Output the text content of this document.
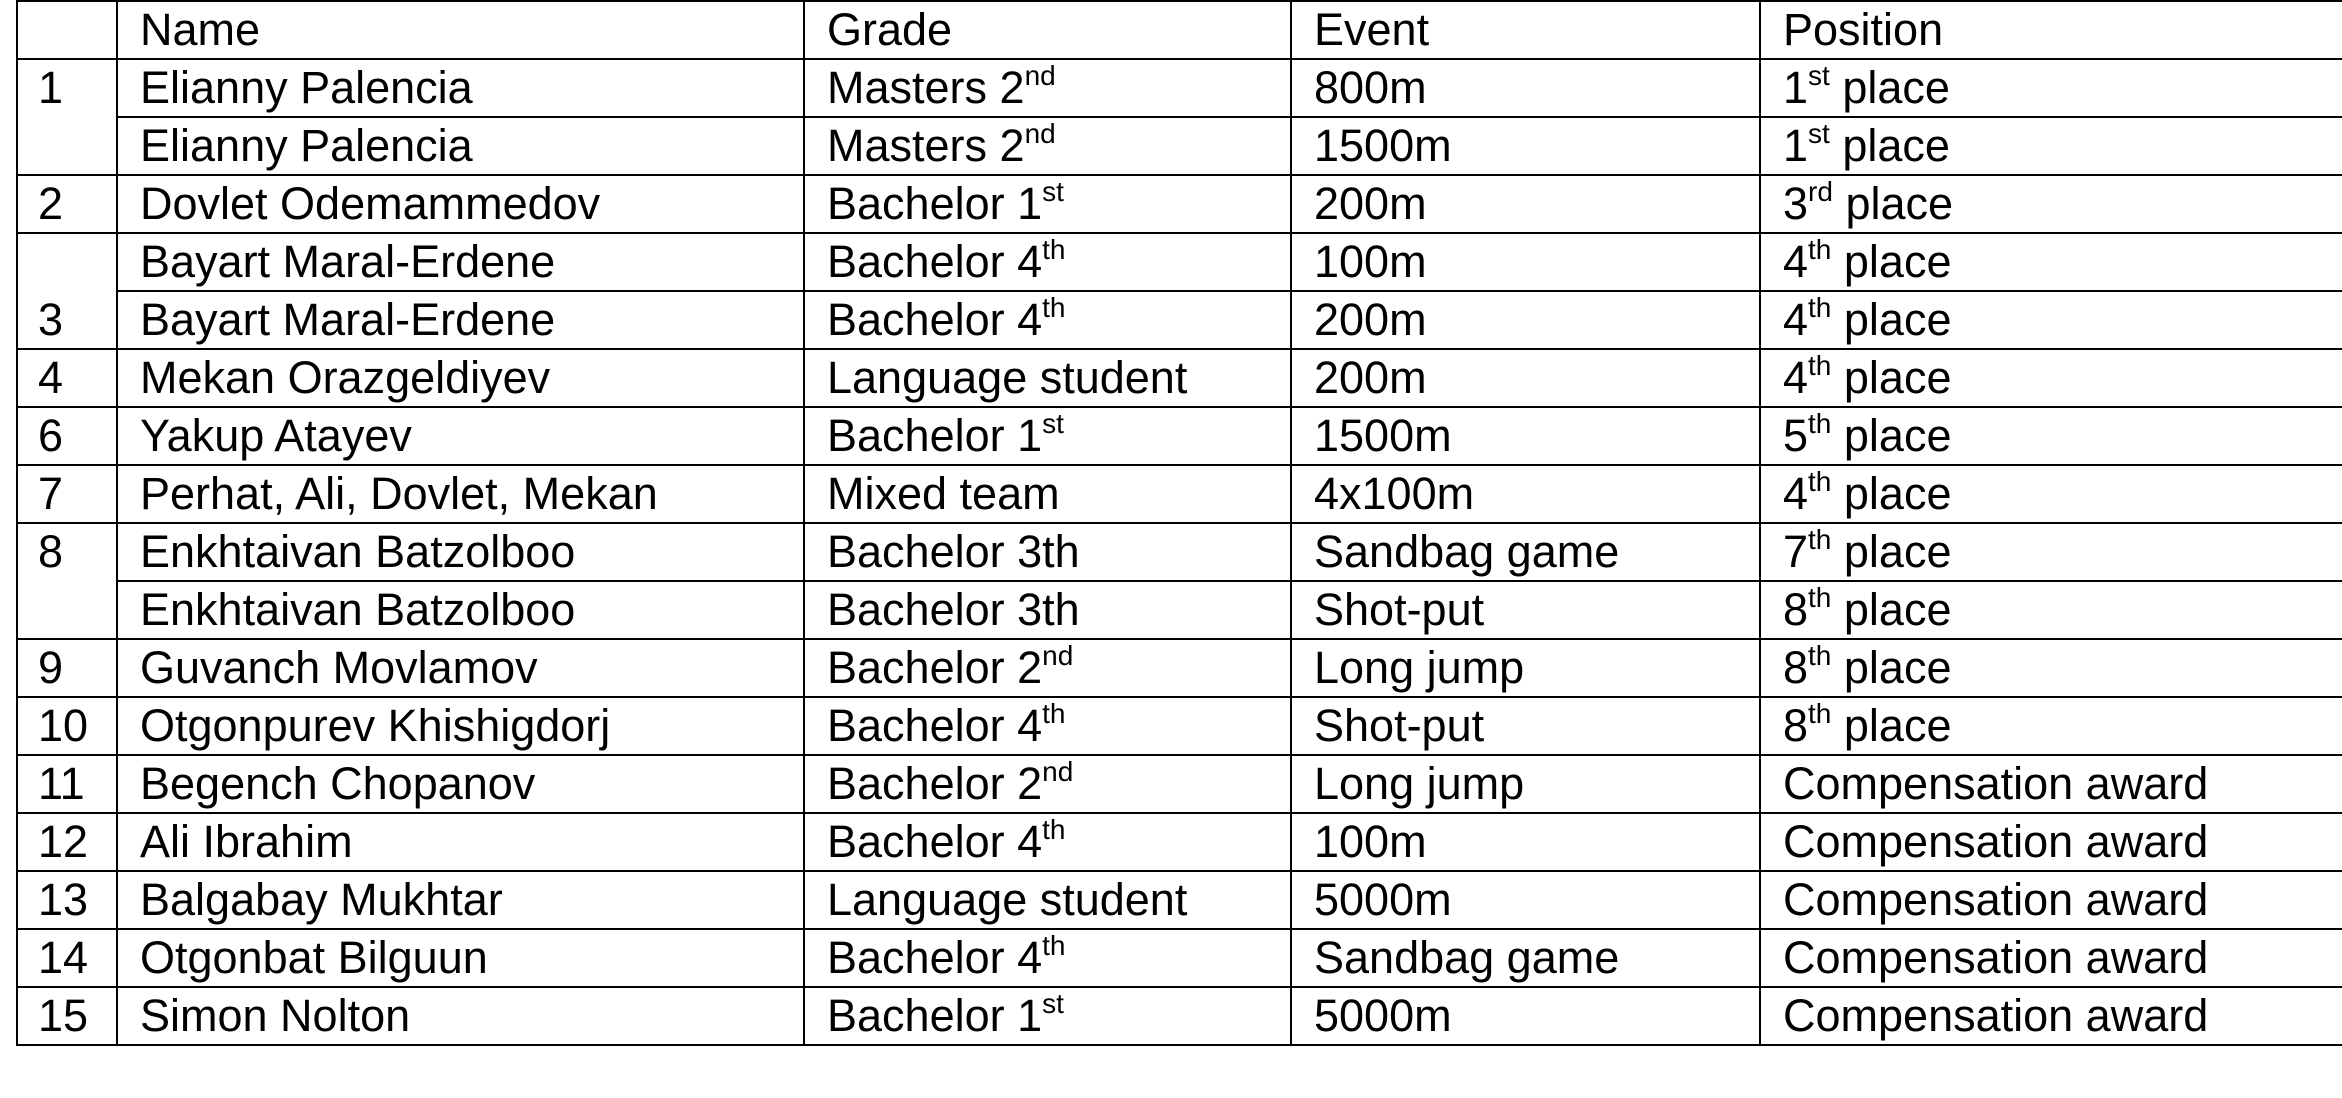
	Name	Grade	Event	Position
1	Elianny Palencia	Masters 2nd	800m	1st place
	Elianny Palencia	Masters 2nd	1500m	1st place
2	Dovlet Odemammedov	Bachelor 1st	200m	3rd place
3	Bayart Maral-Erdene	Bachelor 4th	100m	4th place
	Bayart Maral-Erdene	Bachelor 4th	200m	4th place
4	Mekan Orazgeldiyev	Language student	200m	4th place
6	Yakup Atayev	Bachelor 1st	1500m	5th place
7	Perhat, Ali, Dovlet, Mekan	Mixed team	4x100m	4th place
8	Enkhtaivan Batzolboo	Bachelor 3th	Sandbag game	7th place
	Enkhtaivan Batzolboo	Bachelor 3th	Shot-put	8th place
9	Guvanch Movlamov	Bachelor 2nd	Long jump	8th place
10	Otgonpurev Khishigdorj	Bachelor 4th	Shot-put	8th place
11	Begench Chopanov	Bachelor 2nd	Long jump	Compensation award
12	Ali Ibrahim	Bachelor 4th	100m	Compensation award
13	Balgabay Mukhtar	Language student	5000m	Compensation award
14	Otgonbat Bilguun	Bachelor 4th	Sandbag game	Compensation award
15	Simon Nolton	Bachelor 1st	5000m	Compensation award
